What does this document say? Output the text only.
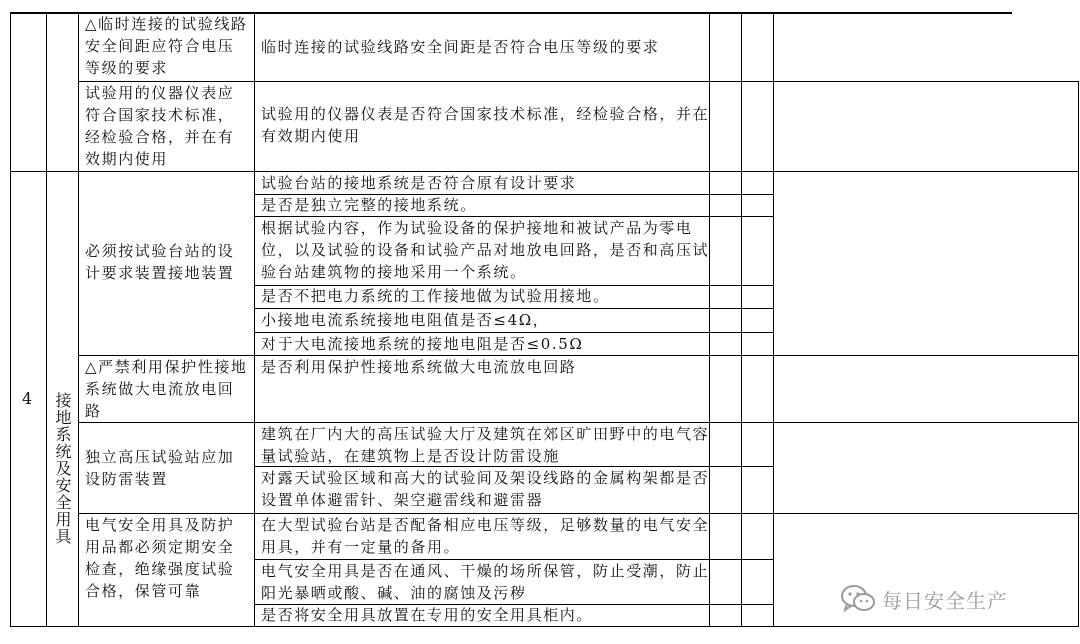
△临时连接的试验线路安全间距应符合电压等级的要求
临时连接的试验线路安全间距是否符合电压等级的要求
试验用的仪器仪表应符合国家技术标准，经检验合格，并在有效期内使用
试验用的仪器仪表是否符合国家技术标准，经检验合格，并在有效期内使用
4 接地系统及安全用具
必须按试验台站的设计要求装置接地装置
试验台站的接地系统是否符合原有设计要求
是否是独立完整的接地系统。
根据试验内容，作为试验设备的保护接地和被试产品为零电位，以及试验的设备和试验产品对地放电回路，是否和高压试验台站建筑物的接地采用一个系统。
是否不把电力系统的工作接地做为试验用接地。
小接地电流系统接地电阻值是否≤4Ω，
对于大电流接地系统的接地电阻是否≤0.5Ω
△严禁利用保护性接地系统做大电流放电回路
是否利用保护性接地系统做大电流放电回路
独立高压试验站应加设防雷装置
建筑在厂内大的高压试验大厅及建筑在郊区旷田野中的电气容量试验站，在建筑物上是否设计防雷设施
对露天试验区域和高大的试验间及架设线路的金属构架都是否设置单体避雷针、架空避雷线和避雷器
电气安全用具及防护用品都必须定期安全检查，绝缘强度试验合格，保管可靠
在大型试验台站是否配备相应电压等级，足够数量的电气安全用具，并有一定量的备用。
电气安全用具是否在通风、干燥的场所保管，防止受潮，防止阳光暴晒或酸、碱、油的腐蚀及污秽
是否将安全用具放置在专用的安全用具柜内。
每日安全生产
